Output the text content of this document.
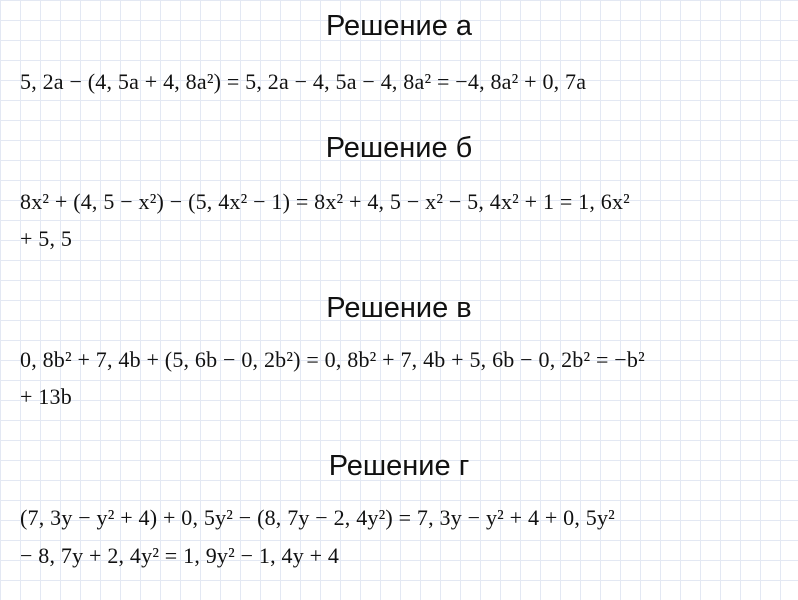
Решение а
5, 2a − (4, 5a + 4, 8a²) = 5, 2a − 4, 5a − 4, 8a² = −4, 8a² + 0, 7a
Решение б
8x² + (4, 5 − x²) − (5, 4x² − 1) = 8x² + 4, 5 − x² − 5, 4x² + 1 = 1, 6x²
+ 5, 5
Решение в
0, 8b² + 7, 4b + (5, 6b − 0, 2b²) = 0, 8b² + 7, 4b + 5, 6b − 0, 2b² = −b²
+ 13b
Решение г
(7, 3y − y² + 4) + 0, 5y² − (8, 7y − 2, 4y²) = 7, 3y − y² + 4 + 0, 5y²
− 8, 7y + 2, 4y² = 1, 9y² − 1, 4y + 4
